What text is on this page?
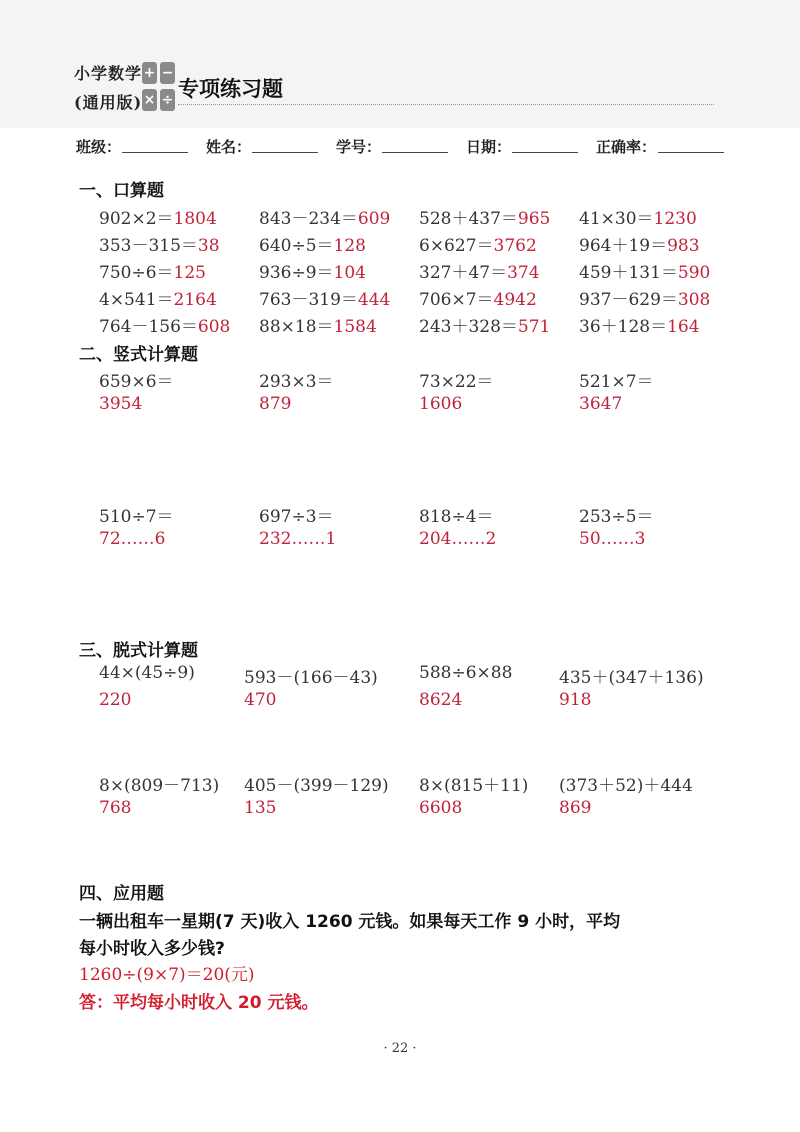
小学数学
(通用版)
+ −
× ÷ 专项练习题
班级：	姓名：	学号：	日期：	正确率：
一、口算题
902×2＝1804 843－234＝609 528＋437＝965 41×30＝1230
353－315＝38 640÷5＝128	6×627＝3762 964＋19＝983
750÷6＝125	936÷9＝104	327＋47＝374 459＋131＝590
4×541＝2164 763－319＝444 706×7＝4942 937－629＝308
764－156＝608 88×18＝1584 243＋328＝571 36＋128＝164
二、竖式计算题
659×6＝	293×3＝	73×22＝	521×7＝
3954	879	1606	3647
510÷7＝	697÷3＝	818÷4＝	253÷5＝
72……6	232……1	204……2	50……3
三、脱式计算题
44×(45÷9)	593－(166－43) 588÷6×88	435＋(347＋136)
220	470	8624	918
8×(809－713) 405－(399－129) 8×(815＋11) (373＋52)＋444
768	135	6608	869
四、应用题
一辆出租车一星期(7 天)收入 1260 元钱。如果每天工作 9 小时，平均
每小时收入多少钱?
1260÷(9×7)＝20(元)
答：平均每小时收入 20 元钱。
· 22 ·
